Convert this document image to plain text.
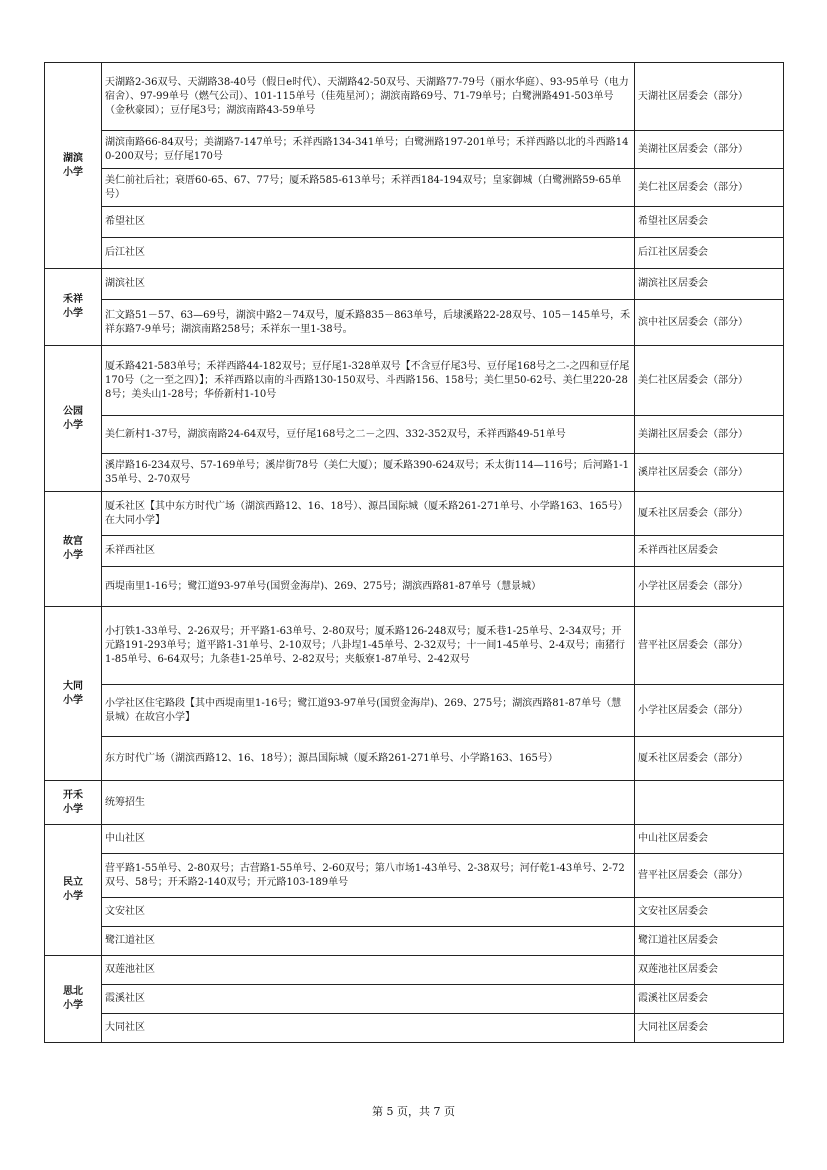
湖滨
小学	天湖路2-36双号、天湖路38-40号（假日e时代）、天湖路42-50双号、天湖路77-79号（丽水华庭）、93-95单号（电力宿舍）、97-99单号（燃气公司）、101-115单号（佳苑星河）；湖滨南路69号、71-79单号；白鹭洲路491-503单号（金秋豪园）；豆仔尾3号；湖滨南路43-59单号	天湖社区居委会（部分）
	湖滨南路66-84双号；美湖路7-147单号；禾祥西路134-341单号；白鹭洲路197-201单号；禾祥西路以北的斗西路140-200双号；豆仔尾170号	美湖社区居委会（部分）
	美仁前社后社；衰厝60-65、67、77号；厦禾路585-613单号；禾祥西184-194双号；皇家御城（白鹭洲路59-65单号）	美仁社区居委会（部分）
	希望社区	希望社区居委会
	后江社区	后江社区居委会
禾祥
小学	湖滨社区	湖滨社区居委会
	汇文路51－57、63—69号，湖滨中路2－74双号，厦禾路835－863单号，后埭溪路22-28双号、105－145单号，禾祥东路7-9单号；湖滨南路258号；禾祥东一里1-38号。	滨中社区居委会（部分）
公园
小学	厦禾路421-583单号；禾祥西路44-182双号；豆仔尾1-328单双号【不含豆仔尾3号、豆仔尾168号之二-之四和豆仔尾170号（之一至之四）】；禾祥西路以南的斗西路130-150双号、斗西路156、158号；美仁里50-62号、美仁里220-288号；美头山1-28号；华侨新村1-10号	美仁社区居委会（部分）
	美仁新村1-37号，湖滨南路24-64双号，豆仔尾168号之二－之四、332-352双号，禾祥西路49-51单号	美湖社区居委会（部分）
	溪岸路16-234双号、57-169单号；溪岸街78号（美仁大厦）；厦禾路390-624双号；禾太街114—116号；后河路1-135单号、2-70双号	溪岸社区居委会（部分）
故宫
小学	厦禾社区【其中东方时代广场（湖滨西路12、16、18号）、源昌国际城（厦禾路261-271单号、小学路163、165号）在大同小学】	厦禾社区居委会（部分）
	禾祥西社区	禾祥西社区居委会
	西堤南里1-16号；鹭江道93-97单号(国贸金海岸)、269、275号；湖滨西路81-87单号（慧景城）	小学社区居委会（部分）
大同
小学	小打铁1-33单号、2-26双号；开平路1-63单号、2-80双号；厦禾路126-248双号；厦禾巷1-25单号、2-34双号；开元路191-293单号；道平路1-31单号、2-10双号；八卦埕1-45单号、2-32双号；十一间1-45单号、2-4双号；南猪行1-85单号、6-64双号；九条巷1-25单号、2-82双号；夹舨寮1-87单号、2-42双号	营平社区居委会（部分）
	小学社区住宅路段【其中西堤南里1-16号；鹭江道93-97单号(国贸金海岸)、269、275号；湖滨西路81-87单号（慧景城）在故宫小学】	小学社区居委会（部分）
	东方时代广场（湖滨西路12、16、18号）；源昌国际城（厦禾路261-271单号、小学路163、165号）	厦禾社区居委会（部分）
开禾
小学	统筹招生	
民立
小学	中山社区	中山社区居委会
	营平路1-55单号、2-80双号；古营路1-55单号、2-60双号；第八市场1-43单号、2-38双号；河仔乾1-43单号、2-72双号、58号；开禾路2-140双号；开元路103-189单号	营平社区居委会（部分）
	文安社区	文安社区居委会
	鹭江道社区	鹭江道社区居委会
思北
小学	双莲池社区	双莲池社区居委会
	霞溪社区	霞溪社区居委会
	大同社区	大同社区居委会
第 5 页，共 7 页
